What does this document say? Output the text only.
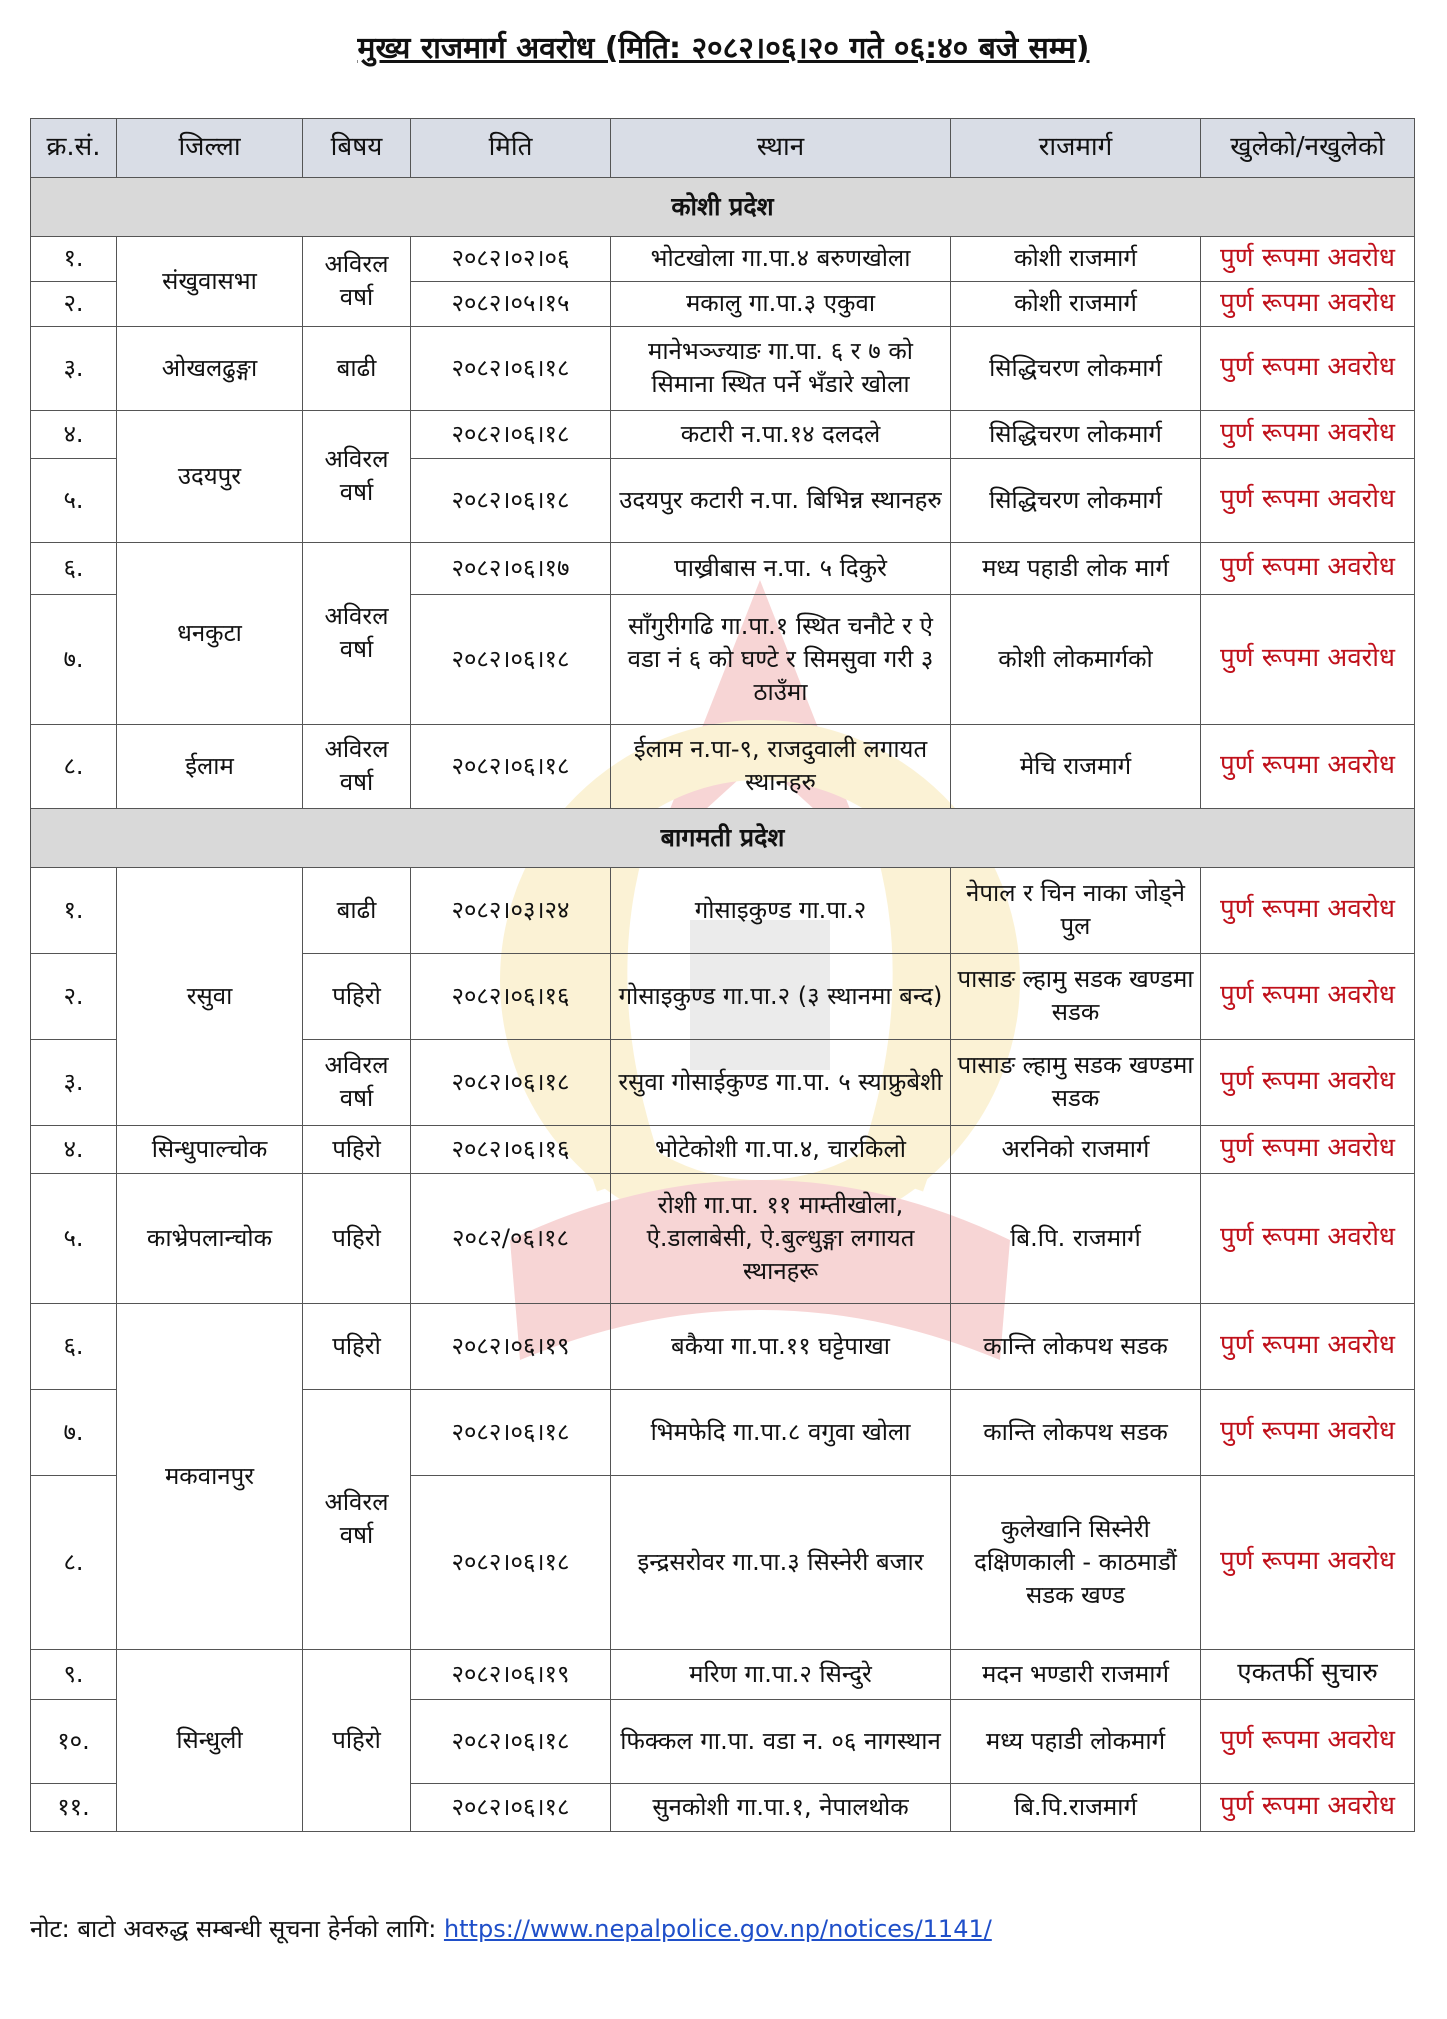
मुख्य राजमार्ग अवरोध (मिति: २०८२।०६।२० गते ०६:४० बजे सम्म)
क्र.सं.	जिल्ला	बिषय	मिति	स्थान	राजमार्ग	खुलेको/नखुलेको
कोशी प्रदेश						
१.	संखुवासभा	अविरल वर्षा	२०८२।०२।०६	भोटखोला गा.पा.४ बरुणखोला	कोशी राजमार्ग	पुर्ण रूपमा अवरोध
२.			२०८२।०५।१५	मकालु गा.पा.३ एकुवा	कोशी राजमार्ग	पुर्ण रूपमा अवरोध
३.	ओखलढुङ्गा	बाढी	२०८२।०६।१८	मानेभञ्ज्याङ गा.पा. ६ र ७ को सिमाना स्थित पर्ने भँडारे खोला	सिद्धिचरण लोकमार्ग	पुर्ण रूपमा अवरोध
४.	उदयपुर	अविरल वर्षा	२०८२।०६।१८	कटारी न.पा.१४ दलदले	सिद्धिचरण लोकमार्ग	पुर्ण रूपमा अवरोध
५.			२०८२।०६।१८	उदयपुर कटारी न.पा. बिभिन्न स्थानहरु	सिद्धिचरण लोकमार्ग	पुर्ण रूपमा अवरोध
६.	धनकुटा	अविरल वर्षा	२०८२।०६।१७	पाख्रीबास न.पा. ५ दिकुरे	मध्य पहाडी लोक मार्ग	पुर्ण रूपमा अवरोध
७.			२०८२।०६।१८	साँगुरीगढि गा.पा.१ स्थित चनौटे र ऐ वडा नं ६ को घण्टे र सिमसुवा गरी ३ ठाउँमा	कोशी लोकमार्गको	पुर्ण रूपमा अवरोध
८.	ईलाम	अविरल वर्षा	२०८२।०६।१८	ईलाम न.पा-९, राजदुवाली लगायत स्थानहरु	मेचि राजमार्ग	पुर्ण रूपमा अवरोध
बागमती प्रदेश						
१.	रसुवा	बाढी	२०८२।०३।२४	गोसाइकुण्ड गा.पा.२	नेपाल र चिन नाका जोड्ने पुल	पुर्ण रूपमा अवरोध
२.		पहिरो	२०८२।०६।१६	गोसाइकुण्ड गा.पा.२ (३ स्थानमा बन्द)	पासाङ ल्हामु सडक खण्डमा सडक	पुर्ण रूपमा अवरोध
३.		अविरल वर्षा	२०८२।०६।१८	रसुवा गोसाईकुण्ड गा.पा. ५ स्याफ्रुबेशी	पासाङ ल्हामु सडक खण्डमा सडक	पुर्ण रूपमा अवरोध
४.	सिन्धुपाल्चोक	पहिरो	२०८२।०६।१६	भोटेकोशी गा.पा.४, चारकिलो	अरनिको राजमार्ग	पुर्ण रूपमा अवरोध
५.	काभ्रेपलान्चोक	पहिरो	२०८२/०६।१८	रोशी गा.पा. ११ माम्तीखोला, ऐ.डालाबेसी, ऐ.बुल्धुङ्गा लगायत स्थानहरू	बि.पि. राजमार्ग	पुर्ण रूपमा अवरोध
६.	मकवानपुर	पहिरो	२०८२।०६।१९	बकैया गा.पा.११ घट्टेपाखा	कान्ति लोकपथ सडक	पुर्ण रूपमा अवरोध
७.		अविरल वर्षा	२०८२।०६।१८	भिमफेदि गा.पा.८ वगुवा खोला	कान्ति लोकपथ सडक	पुर्ण रूपमा अवरोध
८.			२०८२।०६।१८	इन्द्रसरोवर गा.पा.३ सिस्नेरी बजार	कुलेखानि सिस्नेरी दक्षिणकाली - काठमाडौं सडक खण्ड	पुर्ण रूपमा अवरोध
९.	सिन्धुली	पहिरो	२०८२।०६।१९	मरिण गा.पा.२ सिन्दुरे	मदन भण्डारी राजमार्ग	एकतर्फी सुचारु
१०.			२०८२।०६।१८	फिक्कल गा.पा. वडा न. ०६ नागस्थान	मध्य पहाडी लोकमार्ग	पुर्ण रूपमा अवरोध
११.			२०८२।०६।१८	सुनकोशी गा.पा.१, नेपालथोक	बि.पि.राजमार्ग	पुर्ण रूपमा अवरोध
नोट: बाटो अवरुद्ध सम्बन्धी सूचना हेर्नको लागि: https://www.nepalpolice.gov.np/notices/1141/
